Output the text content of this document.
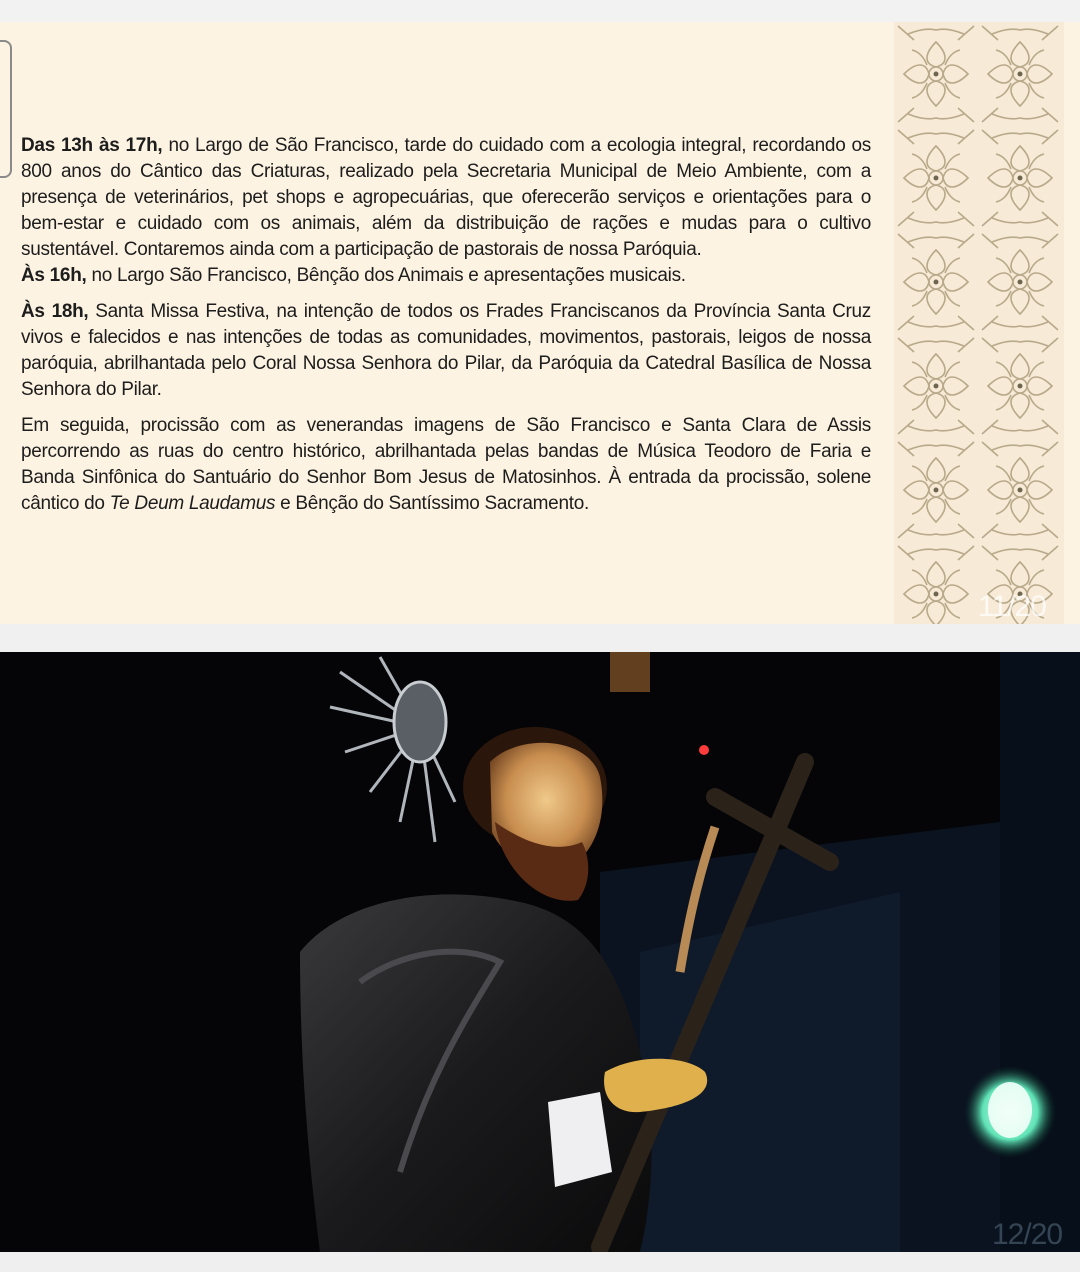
Das 13h às 17h, no Largo de São Francisco, tarde do cuidado com a ecologia integral, recordando os 800 anos do Cântico das Criaturas, realizado pela Secretaria Municipal de Meio Ambiente, com a presença de veterinários, pet shops e agropecuárias, que oferecerão serviços e orientações para o bem-estar e cuidado com os animais, além da distribuição de rações e mudas para o cultivo sustentável. Contaremos ainda com a participação de pastorais de nossa Paróquia.

Às 16h, no Largo São Francisco, Bênção dos Animais e apresentações musicais.

Às 18h, Santa Missa Festiva, na intenção de todos os Frades Franciscanos da Província Santa Cruz vivos e falecidos e nas intenções de todas as comunidades, movimentos, pastorais, leigos de nossa paróquia, abrilhantada pelo Coral Nossa Senhora do Pilar, da Paróquia da Catedral Basílica de Nossa Senhora do Pilar.

Em seguida, procissão com as venerandas imagens de São Francisco e Santa Clara de Assis percorrendo as ruas do centro histórico, abrilhantada pelas bandas de Música Teodoro de Faria e Banda Sinfônica do Santuário do Senhor Bom Jesus de Matosinhos. À entrada da procissão, solene cântico do Te Deum Laudamus e Bênção do Santíssimo Sacramento.

11/20
12/20
